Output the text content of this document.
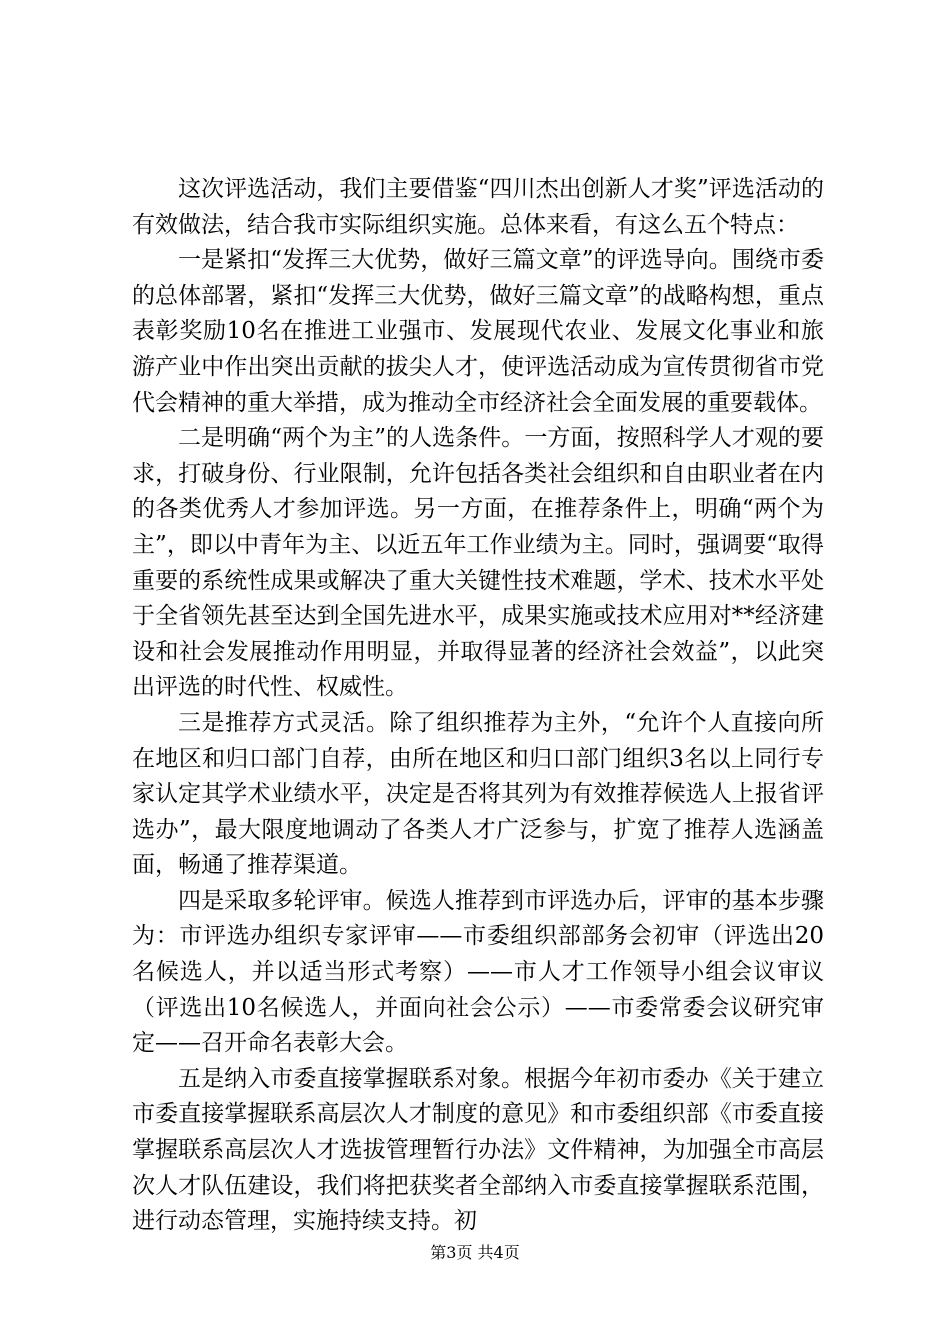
这次评选活动，我们主要借鉴“四川杰出创新人才奖”评选活动的有效做法，结合我市实际组织实施。总体来看，有这么五个特点：

一是紧扣“发挥三大优势，做好三篇文章”的评选导向。围绕市委的总体部署，紧扣“发挥三大优势，做好三篇文章”的战略构想，重点表彰奖励10名在推进工业强市、发展现代农业、发展文化事业和旅游产业中作出突出贡献的拔尖人才，使评选活动成为宣传贯彻省市党代会精神的重大举措，成为推动全市经济社会全面发展的重要载体。

二是明确“两个为主”的人选条件。一方面，按照科学人才观的要求，打破身份、行业限制，允许包括各类社会组织和自由职业者在内的各类优秀人才参加评选。另一方面，在推荐条件上，明确“两个为主”，即以中青年为主、以近五年工作业绩为主。同时，强调要“取得重要的系统性成果或解决了重大关键性技术难题，学术、技术水平处于全省领先甚至达到全国先进水平，成果实施或技术应用对**经济建设和社会发展推动作用明显，并取得显著的经济社会效益”，以此突出评选的时代性、权威性。

三是推荐方式灵活。除了组织推荐为主外，“允许个人直接向所在地区和归口部门自荐，由所在地区和归口部门组织3名以上同行专家认定其学术业绩水平，决定是否将其列为有效推荐候选人上报省评选办”，最大限度地调动了各类人才广泛参与，扩宽了推荐人选涵盖面，畅通了推荐渠道。

四是采取多轮评审。候选人推荐到市评选办后，评审的基本步骤为：市评选办组织专家评审——市委组织部部务会初审（评选出20名候选人，并以适当形式考察）——市人才工作领导小组会议审议（评选出10名候选人，并面向社会公示）——市委常委会议研究审定——召开命名表彰大会。

五是纳入市委直接掌握联系对象。根据今年初市委办《关于建立市委直接掌握联系高层次人才制度的意见》和市委组织部《市委直接掌握联系高层次人才选拔管理暂行办法》文件精神，为加强全市高层次人才队伍建设，我们将把获奖者全部纳入市委直接掌握联系范围，进行动态管理，实施持续支持。初

第3页 共4页
